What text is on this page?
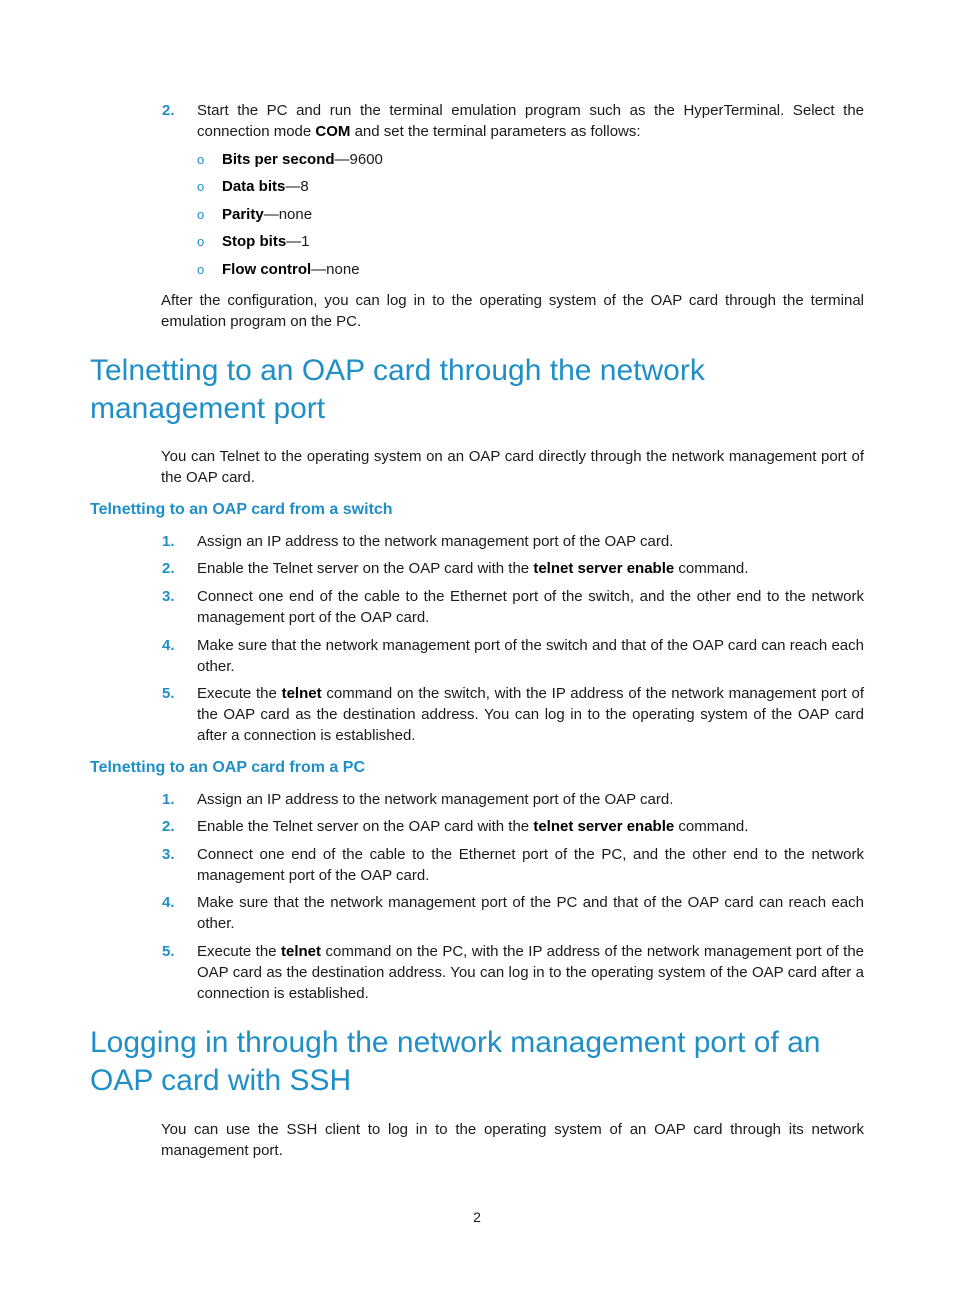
2. Start the PC and run the terminal emulation program such as the HyperTerminal. Select the connection mode COM and set the terminal parameters as follows:
o Bits per second—9600
o Data bits—8
o Parity—none
o Stop bits—1
o Flow control—none
After the configuration, you can log in to the operating system of the OAP card through the terminal emulation program on the PC.
Telnetting to an OAP card through the network management port
You can Telnet to the operating system on an OAP card directly through the network management port of the OAP card.
Telnetting to an OAP card from a switch
1. Assign an IP address to the network management port of the OAP card.
2. Enable the Telnet server on the OAP card with the telnet server enable command.
3. Connect one end of the cable to the Ethernet port of the switch, and the other end to the network management port of the OAP card.
4. Make sure that the network management port of the switch and that of the OAP card can reach each other.
5. Execute the telnet command on the switch, with the IP address of the network management port of the OAP card as the destination address. You can log in to the operating system of the OAP card after a connection is established.
Telnetting to an OAP card from a PC
1. Assign an IP address to the network management port of the OAP card.
2. Enable the Telnet server on the OAP card with the telnet server enable command.
3. Connect one end of the cable to the Ethernet port of the PC, and the other end to the network management port of the OAP card.
4. Make sure that the network management port of the PC and that of the OAP card can reach each other.
5. Execute the telnet command on the PC, with the IP address of the network management port of the OAP card as the destination address. You can log in to the operating system of the OAP card after a connection is established.
Logging in through the network management port of an OAP card with SSH
You can use the SSH client to log in to the operating system of an OAP card through its network management port.
2
